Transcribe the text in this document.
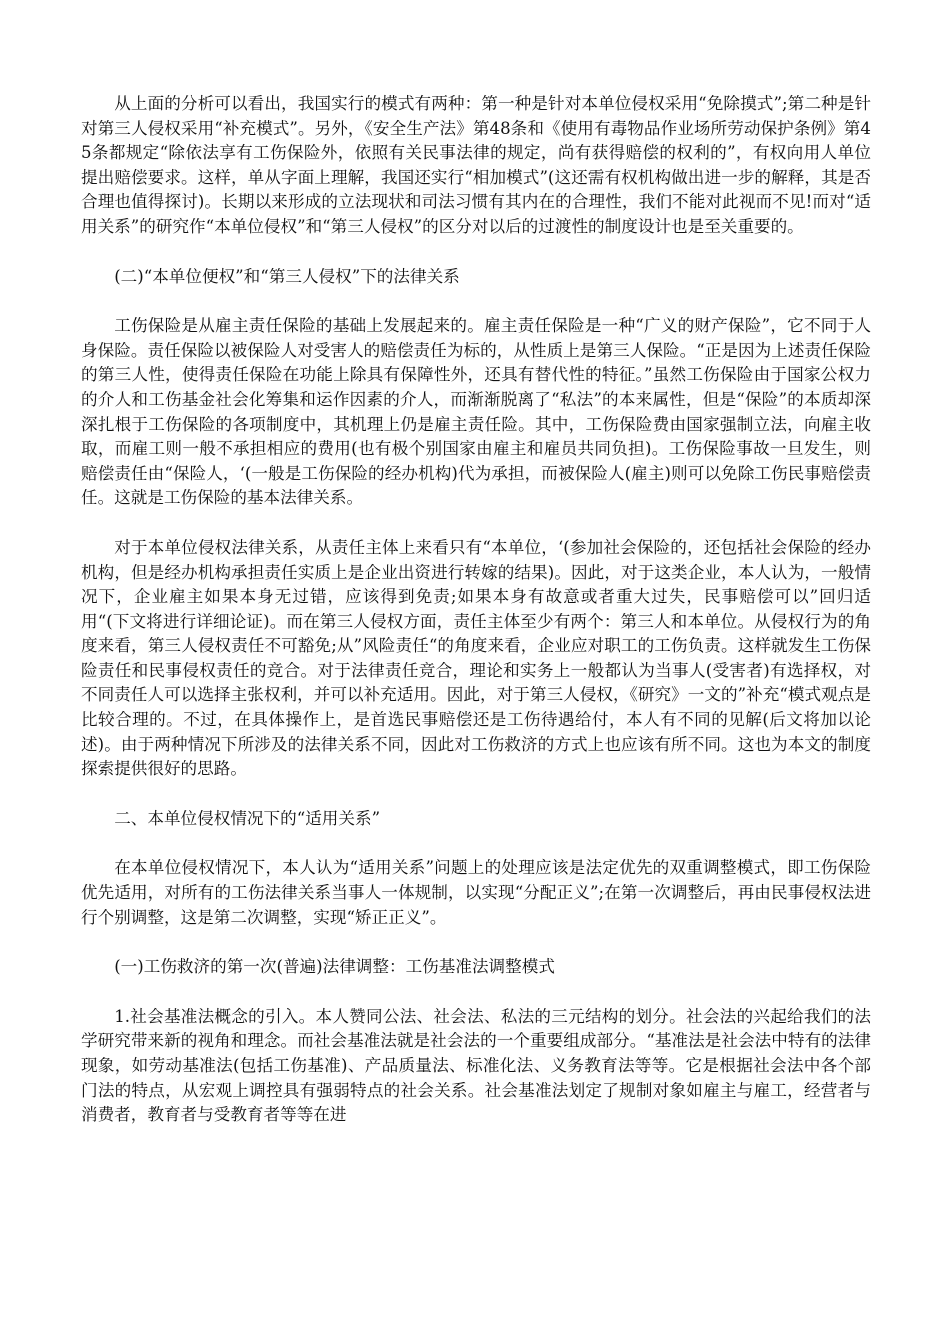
从上面的分析可以看出，我国实行的模式有两种：第一种是针对本单位侵权采用“免除摸式”;第二种是针对第三人侵权采用“补充模式”。另外，《安全生产法》第48条和《使用有毒物品作业场所劳动保护条例》第45条都规定“除依法享有工伤保险外，依照有关民事法律的规定，尚有获得赔偿的权利的”，有权向用人单位提出赔偿要求。这样，单从字面上理解，我国还实行“相加模式”(这还需有权机构做出进一步的解释，其是否合理也值得探讨)。长期以来形成的立法现状和司法习惯有其内在的合理性，我们不能对此视而不见!而对“适用关系”的研究作“本单位侵权”和“第三人侵权”的区分对以后的过渡性的制度设计也是至关重要的。

(二)“本单位便权”和“第三人侵权”下的法律关系

工伤保险是从雇主责任保险的基础上发展起来的。雇主责任保险是一种“广义的财产保险”，它不同于人身保险。责任保险以被保险人对受害人的赔偿责任为标的，从性质上是第三人保险。“正是因为上述责任保险的第三人性，使得责任保险在功能上除具有保障性外，还具有替代性的特征。”虽然工伤保险由于国家公权力的介人和工伤基金社会化筹集和运作因素的介人，而渐渐脱离了“私法”的本来属性，但是“保险”的本质却深深扎根于工伤保险的各项制度中，其机理上仍是雇主责任险。其中，工伤保险费由国家强制立法，向雇主收取，而雇工则一般不承担相应的费用(也有极个别国家由雇主和雇员共同负担)。工伤保险事故一旦发生，则赔偿责任由“保险人，‘(一般是工伤保险的经办机构)代为承担，而被保险人(雇主)则可以免除工伤民事赔偿责任。这就是工伤保险的基本法律关系。

对于本单位侵权法律关系，从责任主体上来看只有“本单位，‘(参加社会保险的，还包括社会保险的经办机构，但是经办机构承担责任实质上是企业出资进行转嫁的结果)。因此，对于这类企业，本人认为，一般情况下，企业雇主如果本身无过错，应该得到免责;如果本身有故意或者重大过失，民事赔偿可以”回归适用“(下文将进行详细论证)。而在第三人侵权方面，责任主体至少有两个：第三人和本单位。从侵权行为的角度来看，第三人侵权责任不可豁免;从”风险责任“的角度来看，企业应对职工的工伤负责。这样就发生工伤保险责任和民事侵权责任的竞合。对于法律责任竞合，理论和实务上一般都认为当事人(受害者)有选择权，对不同责任人可以选择主张权利，并可以补充适用。因此，对于第三人侵权，《研究》一文的”补充“模式观点是比较合理的。不过，在具体操作上，是首选民事赔偿还是工伤待遇给付，本人有不同的见解(后文将加以论述)。由于两种情况下所涉及的法律关系不同，因此对工伤救济的方式上也应该有所不同。这也为本文的制度探索提供很好的思路。

二、本单位侵权情况下的“适用关系”

在本单位侵权情况下，本人认为“适用关系”问题上的处理应该是法定优先的双重调整模式，即工伤保险优先适用，对所有的工伤法律关系当事人一体规制，以实现“分配正义”;在第一次调整后，再由民事侵权法进行个别调整，这是第二次调整，实现“矫正正义”。

(一)工伤救济的第一次(普遍)法律调整：工伤基准法调整模式

1.社会基准法概念的引入。本人赞同公法、社会法、私法的三元结构的划分。社会法的兴起给我们的法学研究带来新的视角和理念。而社会基准法就是社会法的一个重要组成部分。“基准法是社会法中特有的法律现象，如劳动基准法(包括工伤基准)、产品质量法、标准化法、义务教育法等等。它是根据社会法中各个部门法的特点，从宏观上调控具有强弱特点的社会关系。社会基准法划定了规制对象如雇主与雇工，经营者与消费者，教育者与受教育者等等在进
